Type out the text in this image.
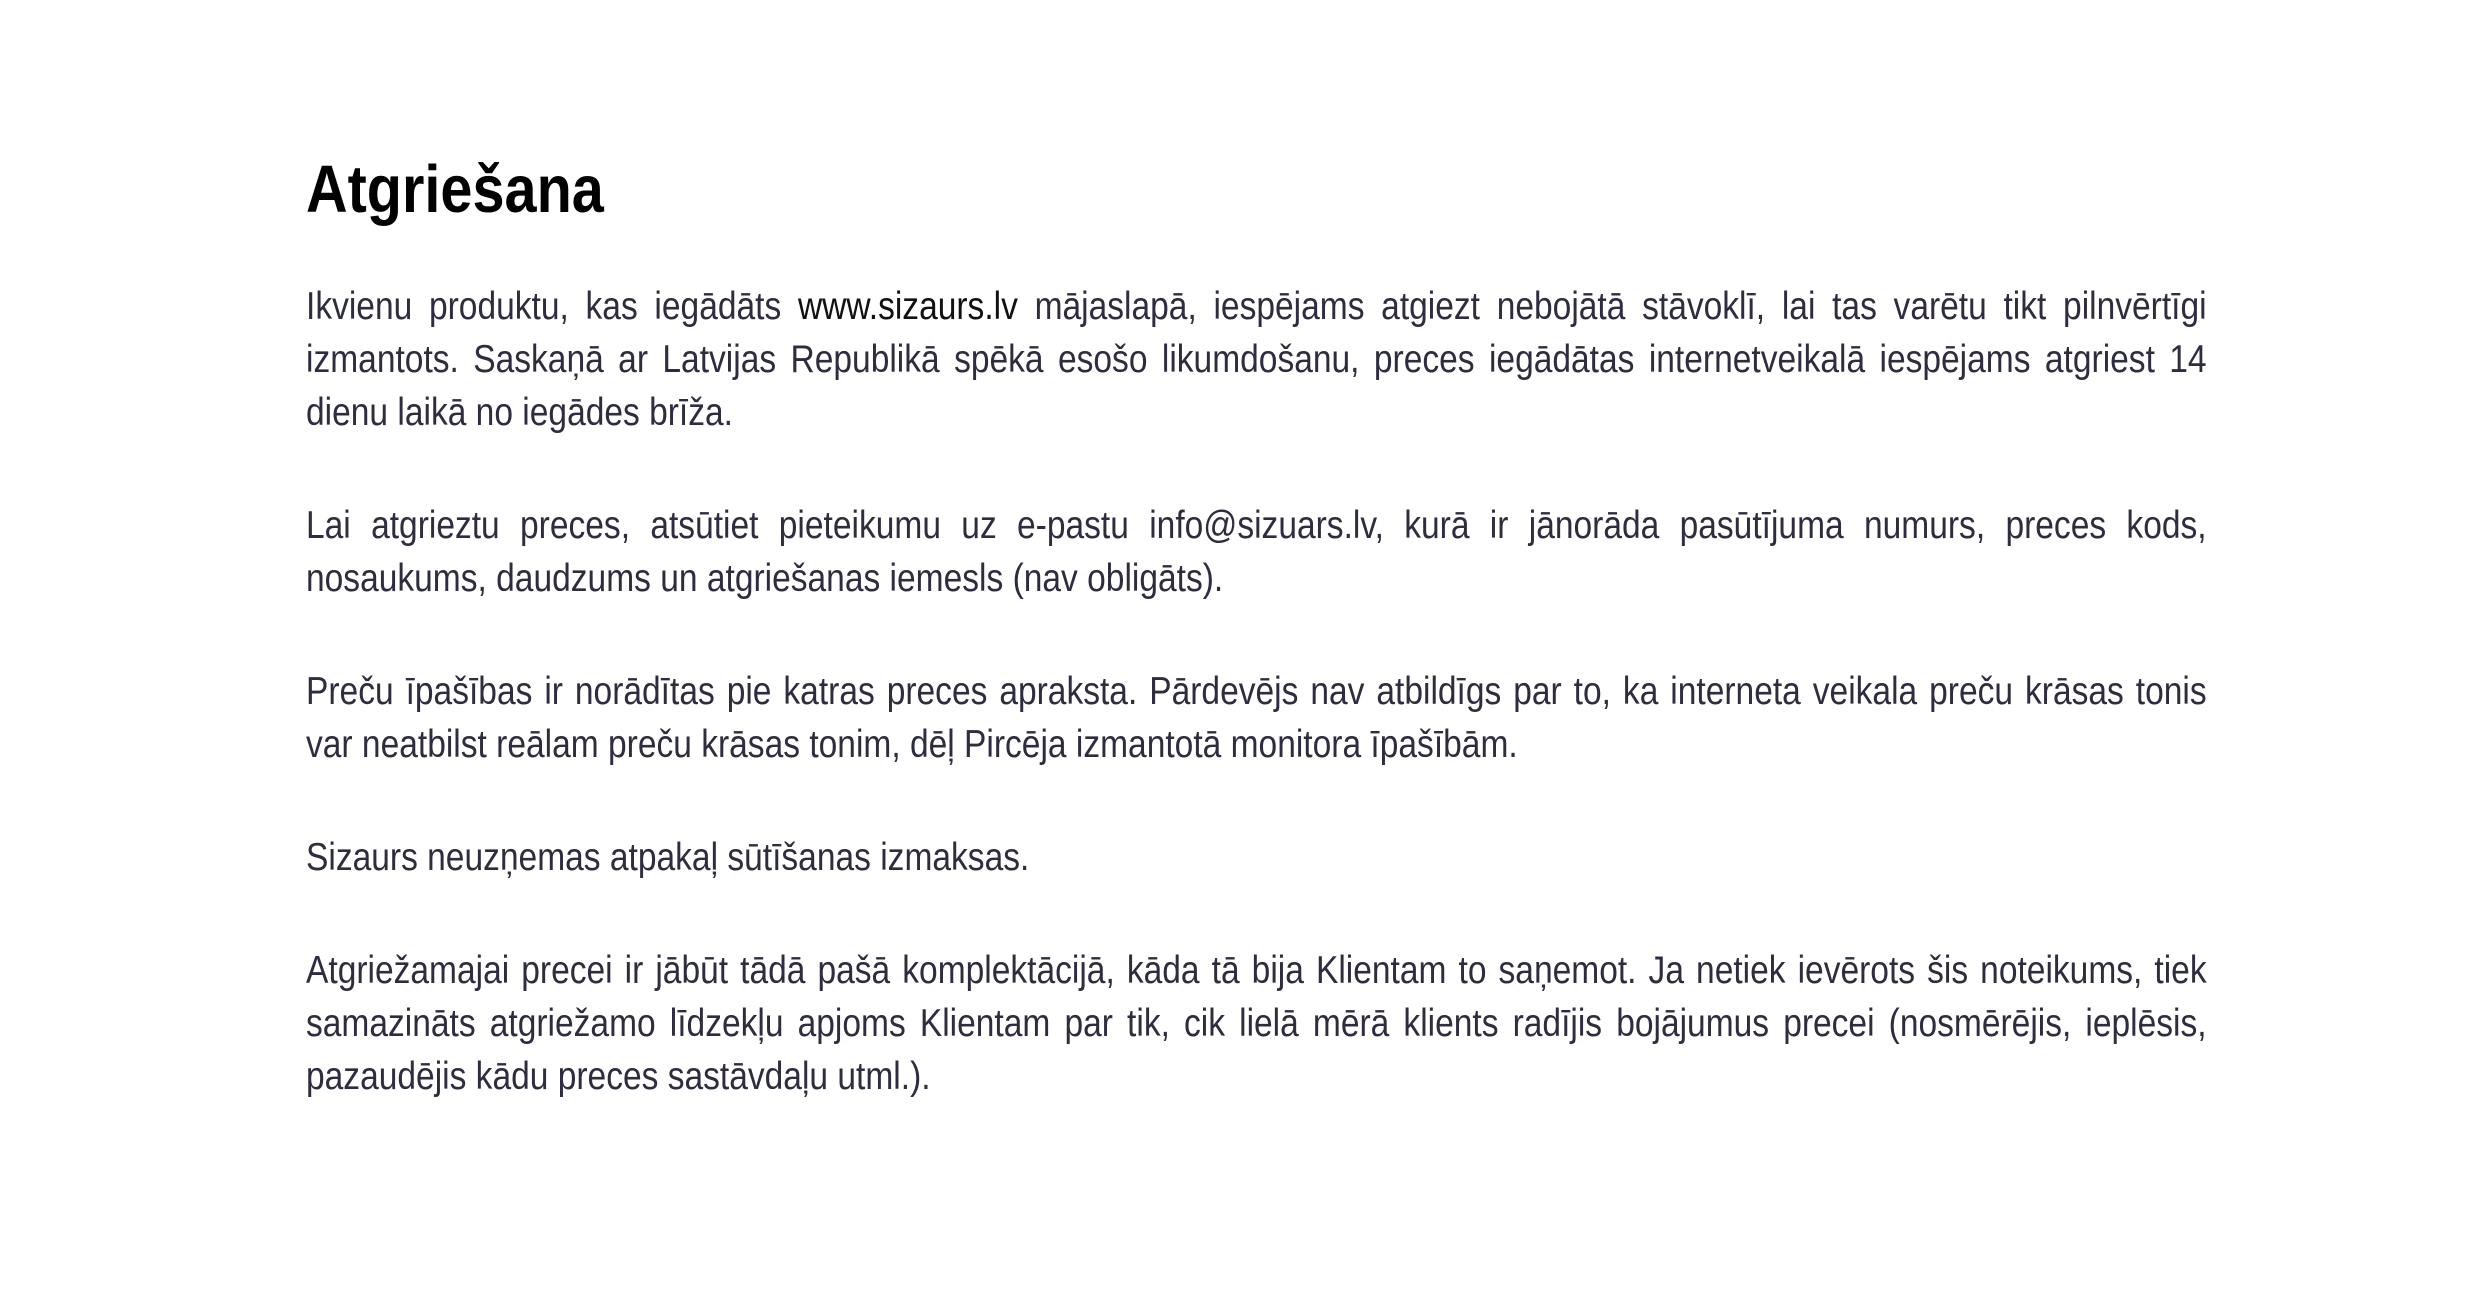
Atgriešana

Ikvienu produktu, kas iegādāts www.sizaurs.lv mājaslapā, iespējams atgiezt nebojātā stāvoklī, lai tas varētu tikt pilnvērtīgi izmantots. Saskaņā ar Latvijas Republikā spēkā esošo likumdošanu, preces iegādātas internetveikalā iespējams atgriest 14 dienu laikā no iegādes brīža.

Lai atgrieztu preces, atsūtiet pieteikumu uz e-pastu info@sizuars.lv, kurā ir jānorāda pasūtījuma numurs, preces kods, nosaukums, daudzums un atgriešanas iemesls (nav obligāts).

Preču īpašības ir norādītas pie katras preces apraksta. Pārdevējs nav atbildīgs par to, ka interneta veikala preču krāsas tonis var neatbilst reālam preču krāsas tonim, dēļ Pircēja izmantotā monitora īpašībām.

Sizaurs neuzņemas atpakaļ sūtīšanas izmaksas.

Atgriežamajai precei ir jābūt tādā pašā komplektācijā, kāda tā bija Klientam to saņemot. Ja netiek ievērots šis noteikums, tiek samazināts atgriežamo līdzekļu apjoms Klientam par tik, cik lielā mērā klients radījis bojājumus precei (nosmērējis, ieplēsis, pazaudējis kādu preces sastāvdaļu utml.).
